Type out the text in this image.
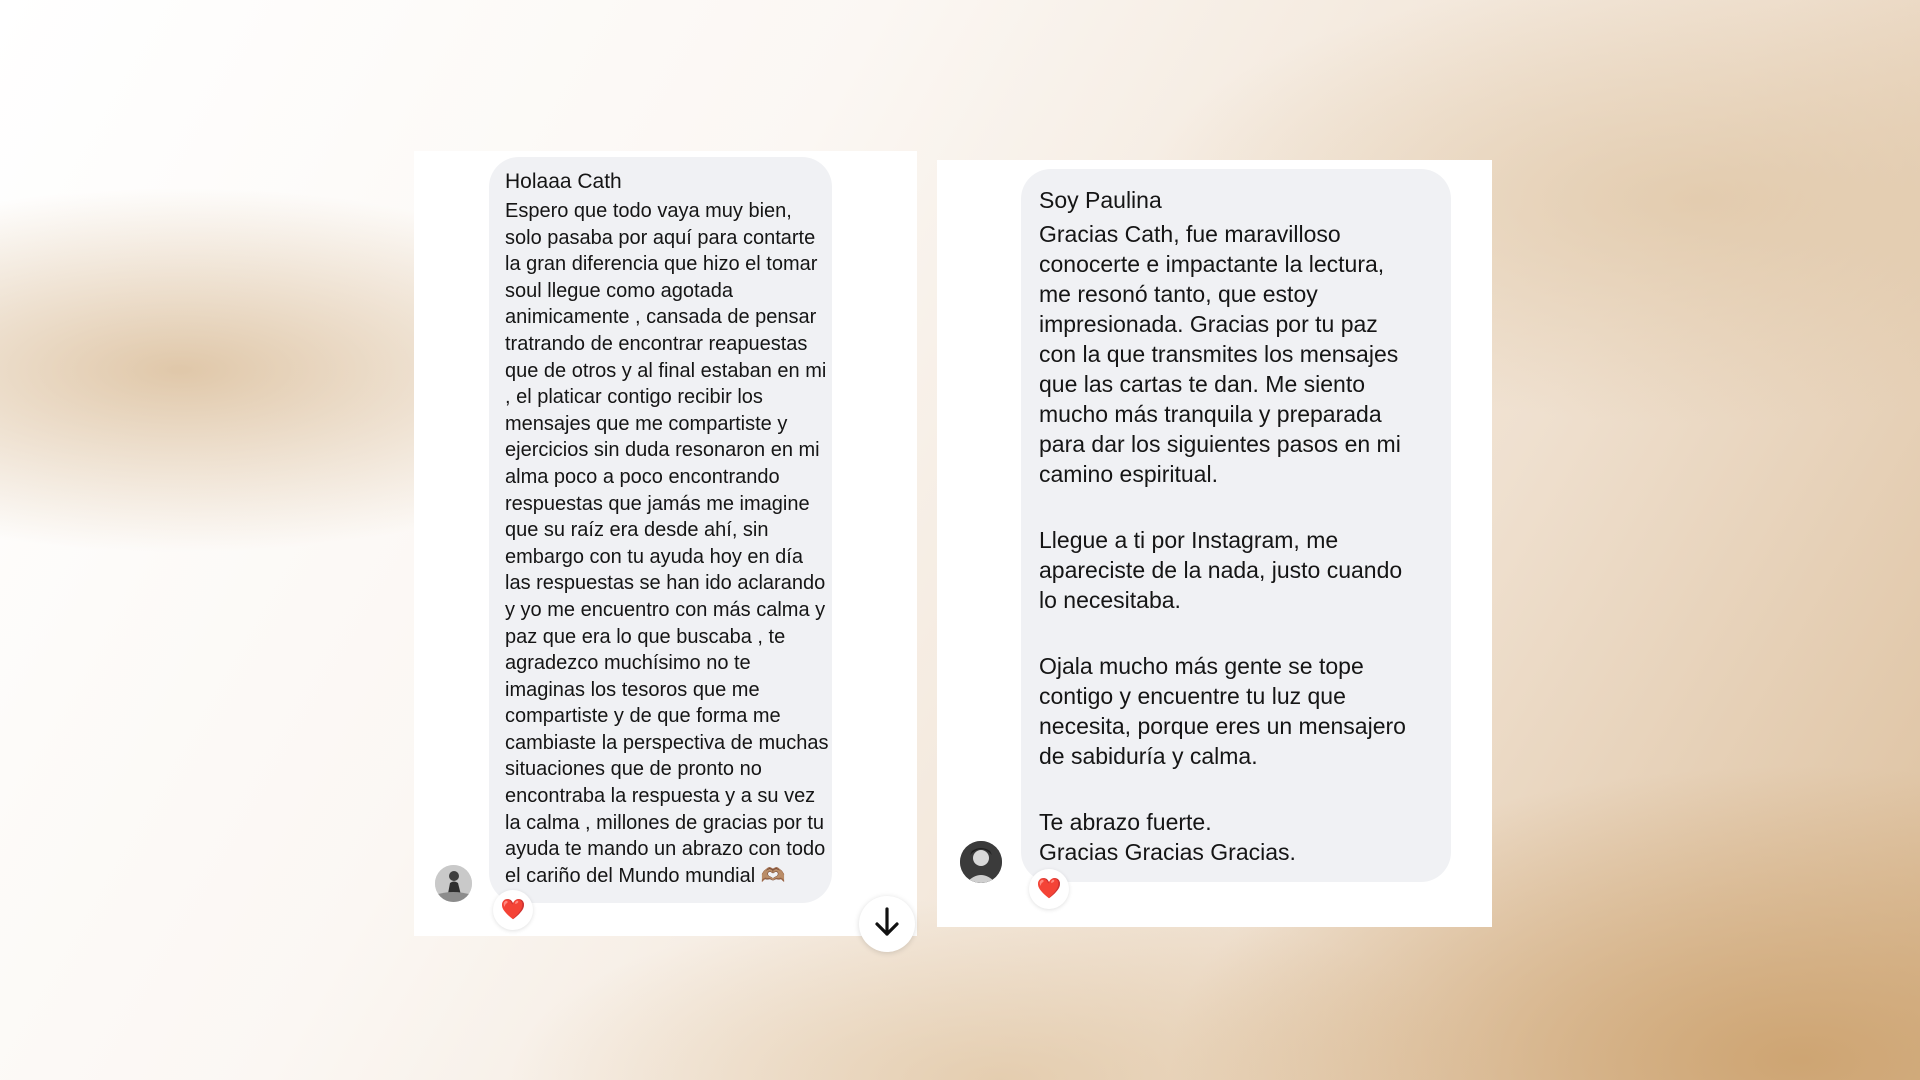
Holaaa Cath

Espero que todo vaya muy bien,
solo pasaba por aquí para contarte
la gran diferencia que hizo el tomar
soul llegue como agotada
animicamente , cansada de pensar
tratrando de encontrar reapuestas
que de otros y al final estaban en mi
, el platicar contigo recibir los
mensajes que me compartiste y
ejercicios sin duda resonaron en mi
alma poco a poco encontrando
respuestas que jamás me imagine
que su raíz era desde ahí, sin
embargo con tu ayuda hoy en día
las respuestas se han ido aclarando
y yo me encuentro con más calma y
paz que era lo que buscaba , te
agradezco muchísimo no te
imaginas los tesoros que me
compartiste y de que forma me
cambiaste la perspectiva de muchas
situaciones que de pronto no
encontraba la respuesta y a su vez
la calma , millones de gracias por tu
ayuda te mando un abrazo con todo
el cariño del Mundo mundial 🫶🏽

❤️
Soy Paulina

Gracias Cath, fue maravilloso
conocerte e impactante la lectura,
me resonó tanto, que estoy
impresionada. Gracias por tu paz
con la que transmites los mensajes
que las cartas te dan. Me siento
mucho más tranquila y preparada
para dar los siguientes pasos en mi
camino espiritual.

Llegue a ti por Instagram, me
apareciste de la nada, justo cuando
lo necesitaba.

Ojala mucho más gente se tope
contigo y encuentre tu luz que
necesita, porque eres un mensajero
de sabiduría y calma.

Te abrazo fuerte.
Gracias Gracias Gracias.

❤️
